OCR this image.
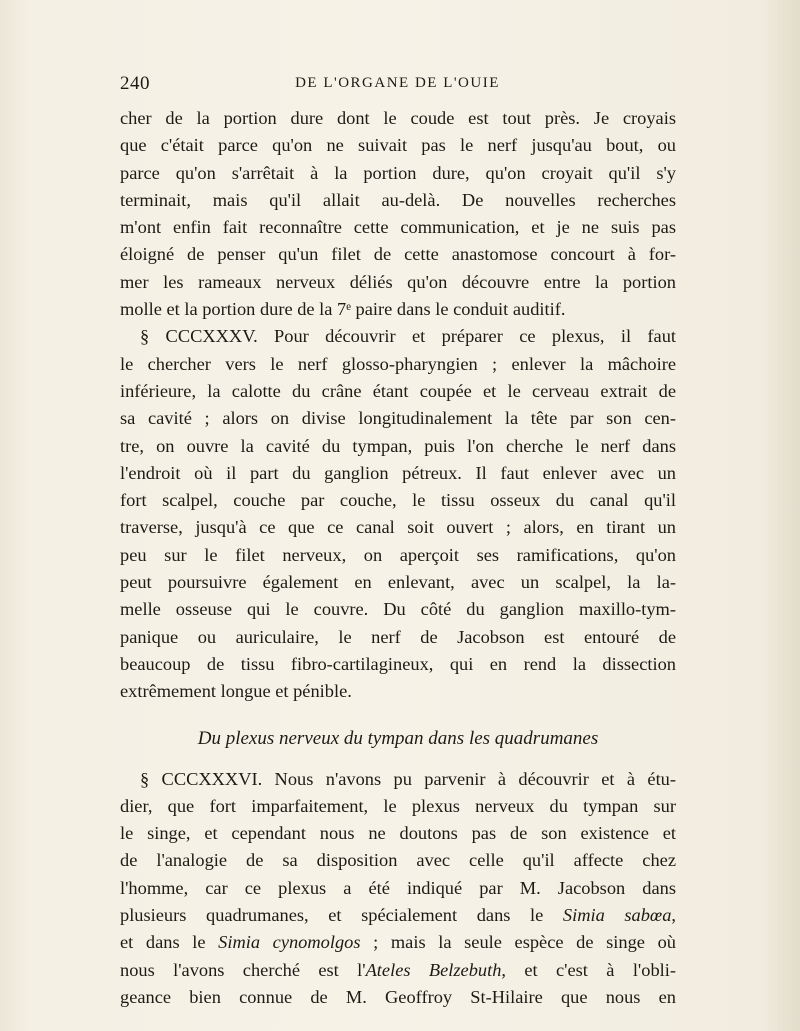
240	DE L'ORGANE DE L'OUIE
cher de la portion dure dont le coude est tout près. Je croyais
que c'était parce qu'on ne suivait pas le nerf jusqu'au bout, ou
parce qu'on s'arrêtait à la portion dure, qu'on croyait qu'il s'y
terminait, mais qu'il allait au-delà. De nouvelles recherches
m'ont enfin fait reconnaître cette communication, et je ne suis pas
éloigné de penser qu'un filet de cette anastomose concourt à for-
mer les rameaux nerveux déliés qu'on découvre entre la portion
molle et la portion dure de la 7ᵉ paire dans le conduit auditif.
§ CCCXXXV. Pour découvrir et préparer ce plexus, il faut
le chercher vers le nerf glosso-pharyngien ; enlever la mâchoire
inférieure, la calotte du crâne étant coupée et le cerveau extrait de
sa cavité ; alors on divise longitudinalement la tête par son cen-
tre, on ouvre la cavité du tympan, puis l'on cherche le nerf dans
l'endroit où il part du ganglion pétreux. Il faut enlever avec un
fort scalpel, couche par couche, le tissu osseux du canal qu'il
traverse, jusqu'à ce que ce canal soit ouvert ; alors, en tirant un
peu sur le filet nerveux, on aperçoit ses ramifications, qu'on
peut poursuivre également en enlevant, avec un scalpel, la la-
melle osseuse qui le couvre. Du côté du ganglion maxillo-tym-
panique ou auriculaire, le nerf de Jacobson est entouré de
beaucoup de tissu fibro-cartilagineux, qui en rend la dissection
extrêmement longue et pénible.
Du plexus nerveux du tympan dans les quadrumanes
§ CCCXXXVI. Nous n'avons pu parvenir à découvrir et à étu-
dier, que fort imparfaitement, le plexus nerveux du tympan sur
le singe, et cependant nous ne doutons pas de son existence et
de l'analogie de sa disposition avec celle qu'il affecte chez
l'homme, car ce plexus a été indiqué par M. Jacobson dans
plusieurs quadrumanes, et spécialement dans le Simia sabœa,
et dans le Simia cynomolgos ; mais la seule espèce de singe où
nous l'avons cherché est l'Ateles Belzebuth, et c'est à l'obli-
geance bien connue de M. Geoffroy St-Hilaire que nous en
